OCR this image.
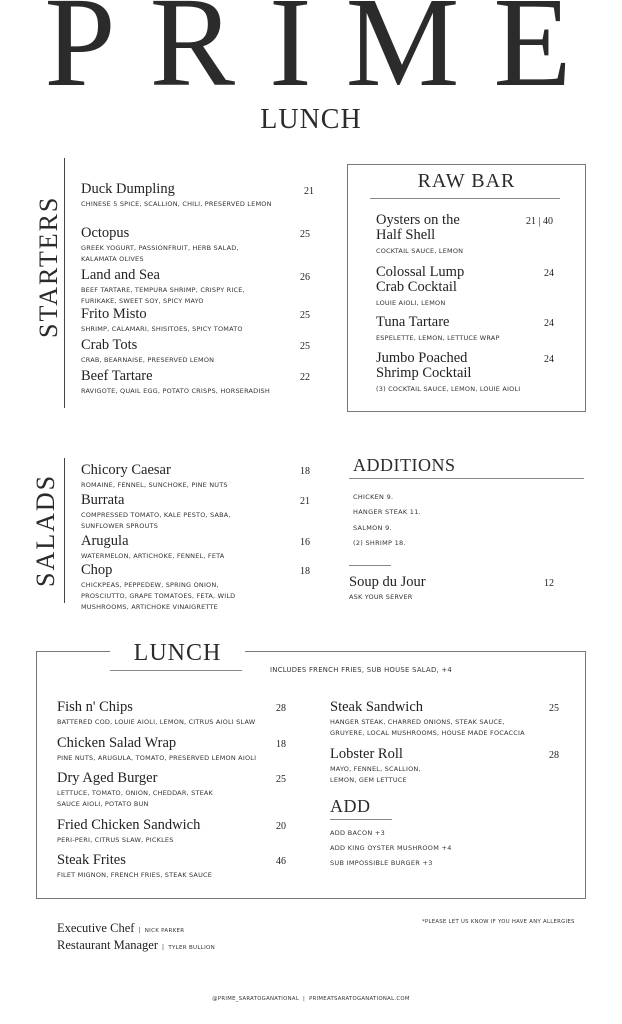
PRIME
LUNCH
STARTERS
Duck Dumpling
CHINESE 5 SPICE, SCALLION, CHILI, PRESERVED LEMON
21
Octopus
GREEK YOGURT, PASSIONFRUIT, HERB SALAD, KALAMATA OLIVES
25
Land and Sea
BEEF TARTARE, TEMPURA SHRIMP, CRISPY RICE, FURIKAKE, SWEET SOY, SPICY MAYO
26
Frito Misto
SHRIMP, CALAMARI, SHISITOES, SPICY TOMATO
25
Crab Tots
CRAB, BEARNAISE, PRESERVED LEMON
25
Beef Tartare
RAVIGOTE, QUAIL EGG, POTATO CRISPS, HORSERADISH
22
RAW BAR
Oysters on the
Half Shell
COCKTAIL SAUCE, LEMON
21 | 40
Colossal Lump
Crab Cocktail
LOUIE AIOLI, LEMON
24
Tuna Tartare
ESPELETTE, LEMON, LETTUCE WRAP
24
Jumbo Poached
Shrimp Cocktail
(3) COCKTAIL SAUCE, LEMON, LOUIE AIOLI
24
SALADS
Chicory Caesar
ROMAINE, FENNEL, SUNCHOKE, PINE NUTS
18
Burrata
COMPRESSED TOMATO, KALE PESTO, SABA, SUNFLOWER SPROUTS
21
Arugula
WATERMELON, ARTICHOKE, FENNEL, FETA
16
Chop
CHICKPEAS, PEPPEDEW, SPRING ONION, PROSCIUTTO, GRAPE TOMATOES, FETA, WILD MUSHROOMS, ARTICHOKE VINAIGRETTE
18
ADDITIONS
CHICKEN 9.
HANGER STEAK 11.
SALMON 9.
(2) SHRIMP 18.
Soup du Jour
ASK YOUR SERVER
12
LUNCH
INCLUDES FRENCH FRIES, SUB HOUSE SALAD, +4
Fish n' Chips
BATTERED COD, LOUIE AIOLI, LEMON, CITRUS AIOLI SLAW
28
Chicken Salad Wrap
PINE NUTS, ARUGULA, TOMATO, PRESERVED LEMON AIOLI
18
Dry Aged Burger
LETTUCE, TOMATO, ONION, CHEDDAR, STEAK SAUCE AIOLI, POTATO BUN
25
Fried Chicken Sandwich
PERI-PERI, CITRUS SLAW, PICKLES
20
Steak Frites
FILET MIGNON, FRENCH FRIES, STEAK SAUCE
46
Steak Sandwich
HANGER STEAK, CHARRED ONIONS, STEAK SAUCE, GRUYERE, LOCAL MUSHROOMS, HOUSE MADE FOCACCIA
25
Lobster Roll
MAYO, FENNEL, SCALLION, LEMON, GEM LETTUCE
28
ADD
ADD BACON +3
ADD KING OYSTER MUSHROOM +4
SUB IMPOSSIBLE BURGER +3
Executive Chef | NICK PARKER
Restaurant Manager | TYLER BULLION
*PLEASE LET US KNOW IF YOU HAVE ANY ALLERGIES
@PRIME_SARATOGANATIONAL  |  PRIMEATSARATOGANATIONAL.COM
